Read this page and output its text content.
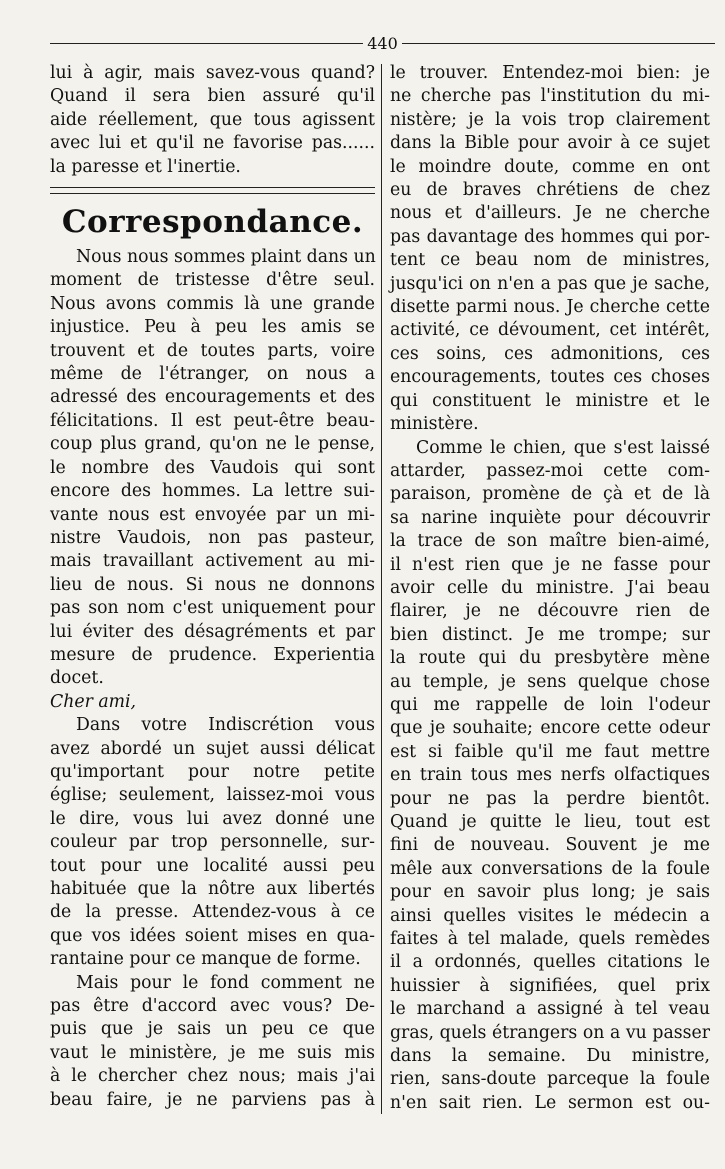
440

lui à agir, mais savez-vous quand?
Quand il sera bien assuré qu'il
aide réellement, que tous agissent
avec lui et qu'il ne favorise pas......
la paresse et l'inertie.

Correspondance.

Nous nous sommes plaint dans un
moment de tristesse d'être seul.
Nous avons commis là une grande
injustice. Peu à peu les amis se
trouvent et de toutes parts, voire
même de l'étranger, on nous a
adressé des encouragements et des
félicitations. Il est peut-être beau-
coup plus grand, qu'on ne le pense,
le nombre des Vaudois qui sont
encore des hommes. La lettre sui-
vante nous est envoyée par un mi-
nistre Vaudois, non pas pasteur,
mais travaillant activement au mi-
lieu de nous. Si nous ne donnons
pas son nom c'est uniquement pour
lui éviter des désagréments et par
mesure de prudence. Experientia
docet.

Cher ami,

Dans votre Indiscrétion vous
avez abordé un sujet aussi délicat
qu'important pour notre petite
église; seulement, laissez-moi vous
le dire, vous lui avez donné une
couleur par trop personnelle, sur-
tout pour une localité aussi peu
habituée que la nôtre aux libertés
de la presse. Attendez-vous à ce
que vos idées soient mises en qua-
rantaine pour ce manque de forme.

Mais pour le fond comment ne
pas être d'accord avec vous? De-
puis que je sais un peu ce que
vaut le ministère, je me suis mis
à le chercher chez nous; mais j'ai
beau faire, je ne parviens pas à

le trouver. Entendez-moi bien: je
ne cherche pas l'institution du mi-
nistère; je la vois trop clairement
dans la Bible pour avoir à ce sujet
le moindre doute, comme en ont
eu de braves chrétiens de chez
nous et d'ailleurs. Je ne cherche
pas davantage des hommes qui por-
tent ce beau nom de ministres,
jusqu'ici on n'en a pas que je sache,
disette parmi nous. Je cherche cette
activité, ce dévoument, cet intérêt,
ces soins, ces admonitions, ces
encouragements, toutes ces choses
qui constituent le ministre et le
ministère.

Comme le chien, que s'est laissé
attarder, passez-moi cette com-
paraison, promène de çà et de là
sa narine inquiète pour découvrir
la trace de son maître bien-aimé,
il n'est rien que je ne fasse pour
avoir celle du ministre. J'ai beau
flairer, je ne découvre rien de
bien distinct. Je me trompe; sur
la route qui du presbytère mène
au temple, je sens quelque chose
qui me rappelle de loin l'odeur
que je souhaite; encore cette odeur
est si faible qu'il me faut mettre
en train tous mes nerfs olfactiques
pour ne pas la perdre bientôt.
Quand je quitte le lieu, tout est
fini de nouveau. Souvent je me
mêle aux conversations de la foule
pour en savoir plus long; je sais
ainsi quelles visites le médecin a
faites à tel malade, quels remèdes
il a ordonnés, quelles citations le
huissier à signifiées, quel prix
le marchand a assigné à tel veau
gras, quels étrangers on a vu passer
dans la semaine. Du ministre,
rien, sans-doute parceque la foule
n'en sait rien. Le sermon est ou-
